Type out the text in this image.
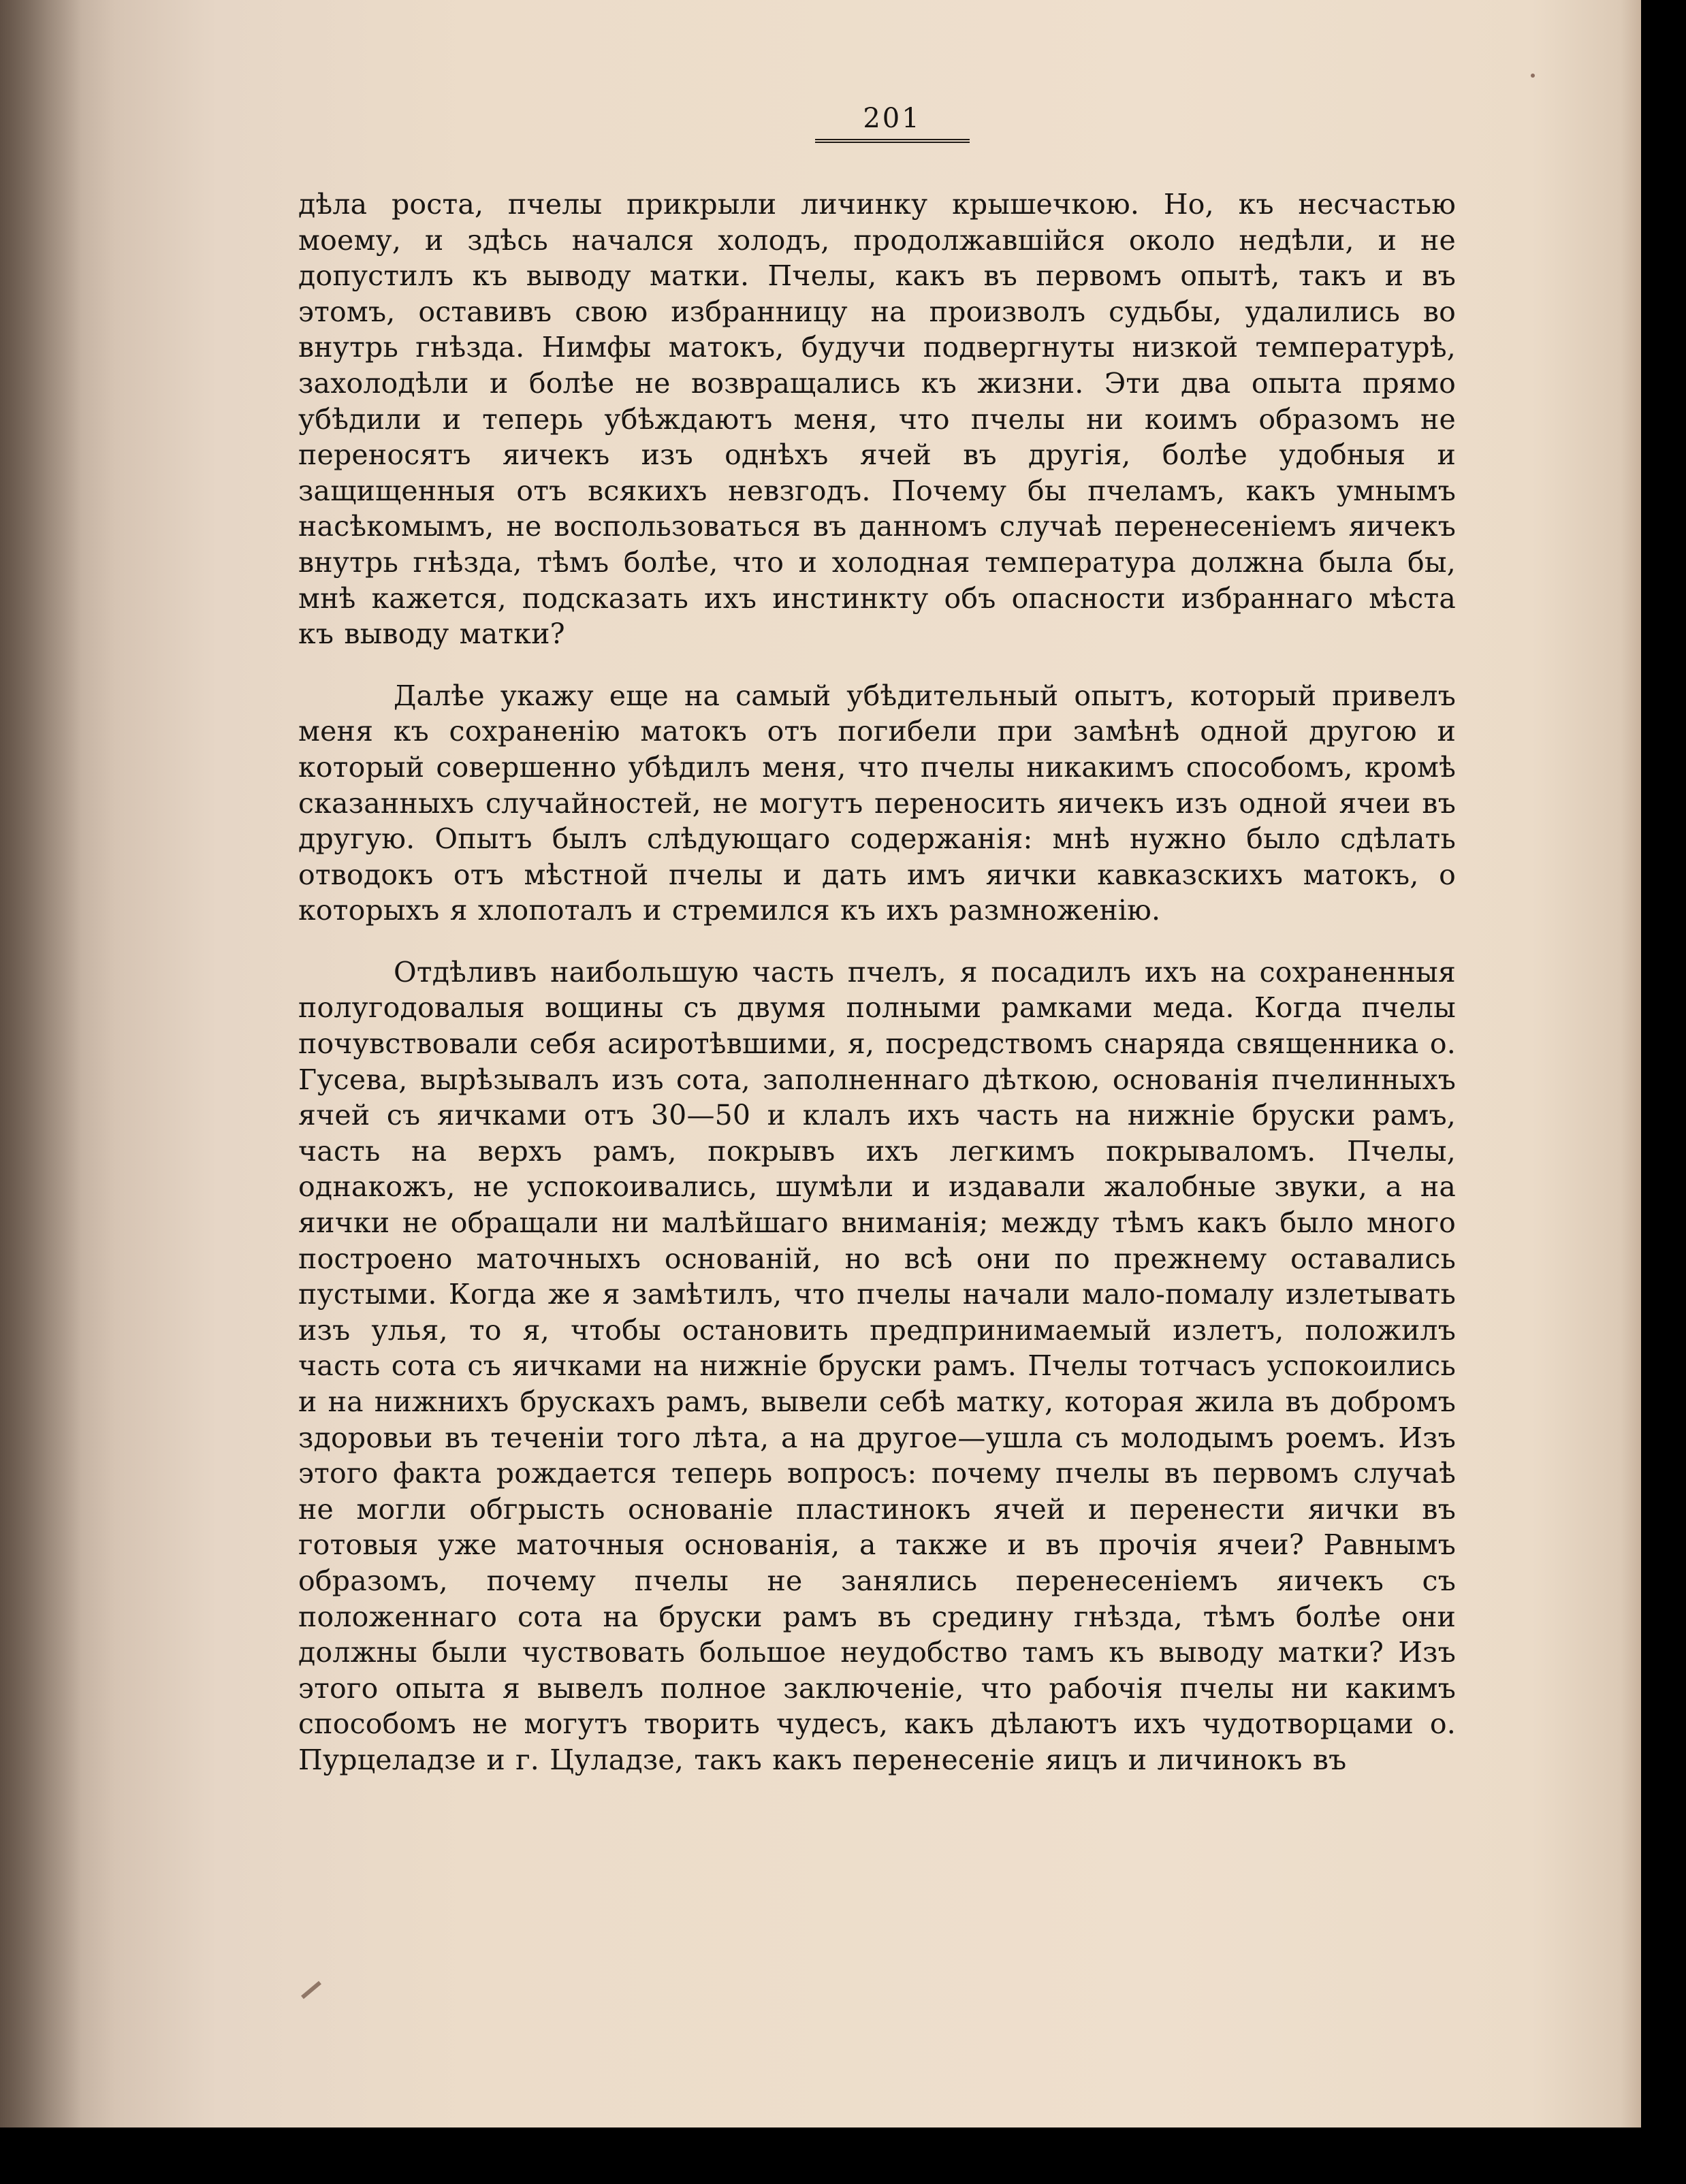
201

дѣла роста, пчелы прикрыли личинку крышечкою. Но, къ несчастью моему, и здѣсь начался холодъ, продолжавшійся около недѣли, и не допустилъ къ выводу матки. Пчелы, какъ въ первомъ опытѣ, такъ и въ этомъ, оставивъ свою избранницу на произволъ судьбы, удалились во внутрь гнѣзда. Нимфы матокъ, будучи подвергнуты низкой температурѣ, захолодѣли и болѣе не возвращались къ жизни. Эти два опыта прямо убѣдили и теперь убѣждаютъ меня, что пчелы ни коимъ образомъ не переносятъ яичекъ изъ однѣхъ ячей въ другія, болѣе удобныя и защищенныя отъ всякихъ невзгодъ. Почему бы пчеламъ, какъ умнымъ насѣкомымъ, не воспользоваться въ данномъ случаѣ перенесеніемъ яичекъ внутрь гнѣзда, тѣмъ болѣе, что и холодная температура должна была бы, мнѣ кажется, подсказать ихъ инстинкту объ опасности избраннаго мѣста къ выводу матки?

Далѣе укажу еще на самый убѣдительный опытъ, который привелъ меня къ сохраненію матокъ отъ погибели при замѣнѣ одной другою и который совершенно убѣдилъ меня, что пчелы никакимъ способомъ, кромѣ сказанныхъ случайностей, не могутъ переносить яичекъ изъ одной ячеи въ другую. Опытъ былъ слѣдующаго содержанія: мнѣ нужно было сдѣлать отводокъ отъ мѣстной пчелы и дать имъ яички кавказскихъ матокъ, о которыхъ я хлопоталъ и стремился къ ихъ размноженію.

Отдѣливъ наибольшую часть пчелъ, я посадилъ ихъ на сохраненныя полугодовалыя вощины съ двумя полными рамками меда. Когда пчелы почувствовали себя асиротѣвшими, я, посредствомъ снаряда священника о. Гусева, вырѣзывалъ изъ сота, заполненнаго дѣткою, основанія пчелинныхъ ячей съ яичками отъ 30—50 и клалъ ихъ часть на нижніе бруски рамъ, часть на верхъ рамъ, покрывъ ихъ легкимъ покрываломъ. Пчелы, однакожъ, не успокоивались, шумѣли и издавали жалобные звуки, а на яички не обращали ни малѣйшаго вниманія; между тѣмъ какъ было много построено маточныхъ основаній, но всѣ они по прежнему оставались пустыми. Когда же я замѣтилъ, что пчелы начали мало-помалу излетывать изъ улья, то я, чтобы остановить предпринимаемый излетъ, положилъ часть сота съ яичками на нижніе бруски рамъ. Пчелы тотчасъ успокоились и на нижнихъ брускахъ рамъ, вывели себѣ матку, которая жила въ добромъ здоровьи въ теченіи того лѣта, а на другое—ушла съ молодымъ роемъ. Изъ этого факта рождается теперь вопросъ: почему пчелы въ первомъ случаѣ не могли обгрысть основаніе пластинокъ ячей и перенести яички въ готовыя уже маточныя основанія, а также и въ прочія ячеи? Равнымъ образомъ, почему пчелы не занялись перенесеніемъ яичекъ съ положеннаго сота на бруски рамъ въ средину гнѣзда, тѣмъ болѣе они должны были чуствовать большое неудобство тамъ къ выводу матки? Изъ этого опыта я вывелъ полное заключеніе, что рабочія пчелы ни какимъ способомъ не могутъ творить чудесъ, какъ дѣлаютъ ихъ чудотворцами о. Пурцеладзе и г. Цуладзе, такъ какъ перенесеніе яицъ и личинокъ въ
